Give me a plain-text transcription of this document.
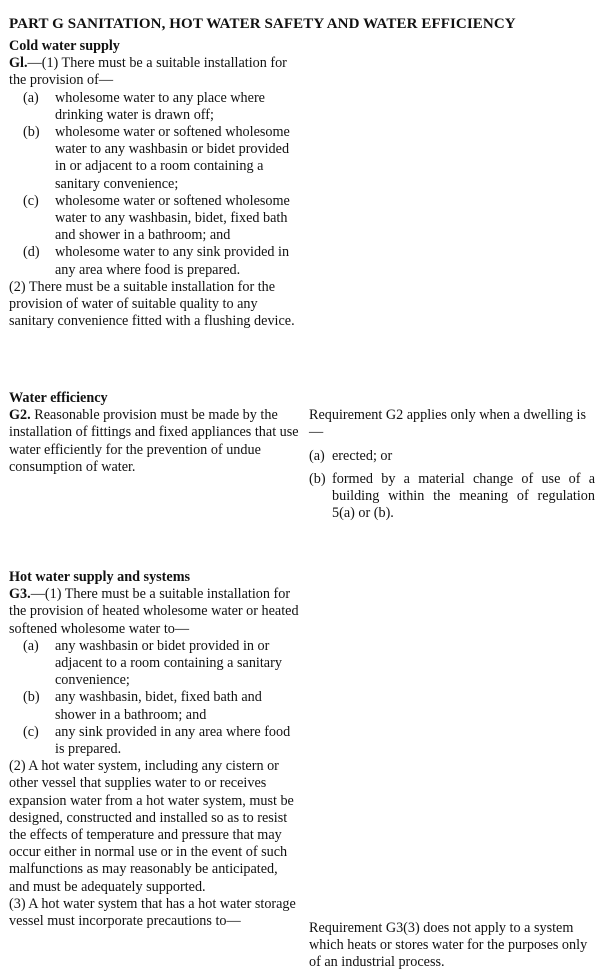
PART G SANITATION, HOT WATER SAFETY AND WATER EFFICIENCY

Cold water supply

Gl.—(1) There must be a suitable installation for the provision of—

(a) wholesome water to any place where drinking water is drawn off;
(b) wholesome water or softened wholesome water to any washbasin or bidet provided in or adjacent to a room containing a sanitary convenience;
(c) wholesome water or softened wholesome water to any washbasin, bidet, fixed bath and shower in a bathroom; and
(d) wholesome water to any sink provided in any area where food is prepared.

(2) There must be a suitable installation for the provision of water of suitable quality to any sanitary convenience fitted with a flushing device.

Water efficiency

G2. Reasonable provision must be made by the installation of fittings and fixed appliances that use water efficiently for the prevention of undue consumption of water.

Requirement G2 applies only when a dwelling is—

(a) erected; or
(b) formed by a material change of use of a building within the meaning of regulation 5(a) or (b).

Hot water supply and systems

G3.—(1) There must be a suitable installation for the provision of heated wholesome water or heated softened wholesome water to—

(a) any washbasin or bidet provided in or adjacent to a room containing a sanitary convenience;
(b) any washbasin, bidet, fixed bath and shower in a bathroom; and
(c) any sink provided in any area where food is prepared.

(2) A hot water system, including any cistern or other vessel that supplies water to or receives expansion water from a hot water system, must be designed, constructed and installed so as to resist the effects of temperature and pressure that may occur either in normal use or in the event of such malfunctions as may reasonably be anticipated, and must be adequately supported.

(3) A hot water system that has a hot water storage vessel must incorporate precautions to—	Requirement G3(3) does not apply to a system which heats or stores water for the purposes only of an industrial process.
